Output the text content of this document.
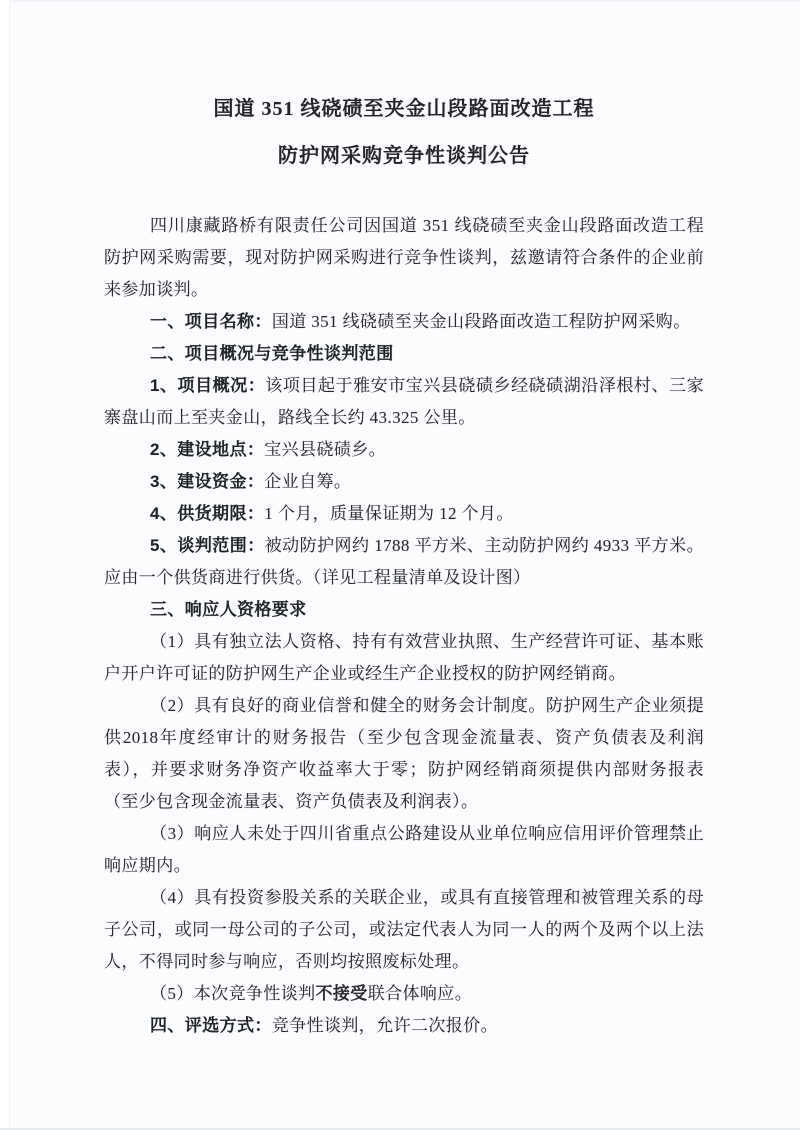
国道 351 线硗碛至夹金山段路面改造工程

防护网采购竞争性谈判公告

四川康藏路桥有限责任公司因国道 351 线硗碛至夹金山段路面改造工程防护网采购需要，现对防护网采购进行竞争性谈判，兹邀请符合条件的企业前来参加谈判。

一、项目名称：国道 351 线硗碛至夹金山段路面改造工程防护网采购。

二、项目概况与竞争性谈判范围

1、项目概况：该项目起于雅安市宝兴县硗碛乡经硗碛湖沿泽根村、三家寨盘山而上至夹金山，路线全长约 43.325 公里。

2、建设地点：宝兴县硗碛乡。

3、建设资金：企业自筹。

4、供货期限：1 个月，质量保证期为 12 个月。

5、谈判范围：被动防护网约 1788 平方米、主动防护网约 4933 平方米。应由一个供货商进行供货。（详见工程量清单及设计图）

三、响应人资格要求

（1）具有独立法人资格、持有有效营业执照、生产经营许可证、基本账户开户许可证的防护网生产企业或经生产企业授权的防护网经销商。

（2）具有良好的商业信誉和健全的财务会计制度。防护网生产企业须提供2018年度经审计的财务报告（至少包含现金流量表、资产负债表及利润表），并要求财务净资产收益率大于零；防护网经销商须提供内部财务报表（至少包含现金流量表、资产负债表及利润表）。

（3）响应人未处于四川省重点公路建设从业单位响应信用评价管理禁止响应期内。

（4）具有投资参股关系的关联企业，或具有直接管理和被管理关系的母子公司，或同一母公司的子公司，或法定代表人为同一人的两个及两个以上法人，不得同时参与响应，否则均按照废标处理。

（5）本次竞争性谈判不接受联合体响应。

四、评选方式：竞争性谈判，允许二次报价。
